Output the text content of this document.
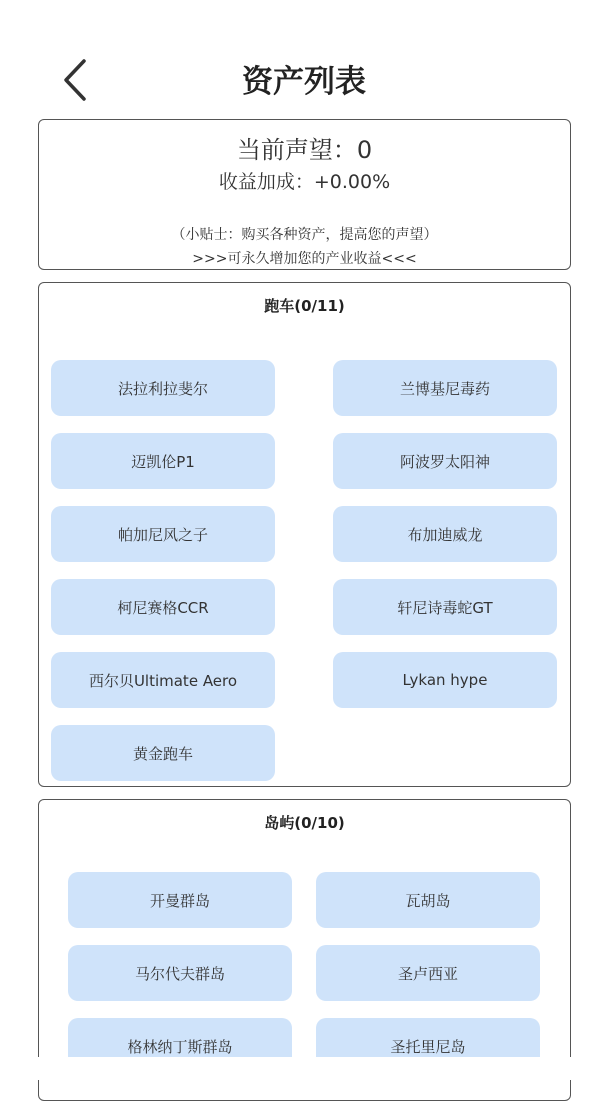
资产列表
当前声望：0
收益加成：+0.00%
（小贴士：购买各种资产，提高您的声望）
>>>可永久增加您的产业收益<<<
跑车(0/11)
法拉利拉斐尔	兰博基尼毒药
迈凯伦P1	阿波罗太阳神
帕加尼风之子	布加迪威龙
柯尼赛格CCR	轩尼诗毒蛇GT
西尔贝Ultimate Aero	Lykan hype
黄金跑车
岛屿(0/10)
开曼群岛	瓦胡岛
马尔代夫群岛	圣卢西亚
格林纳丁斯群岛	圣托里尼岛
